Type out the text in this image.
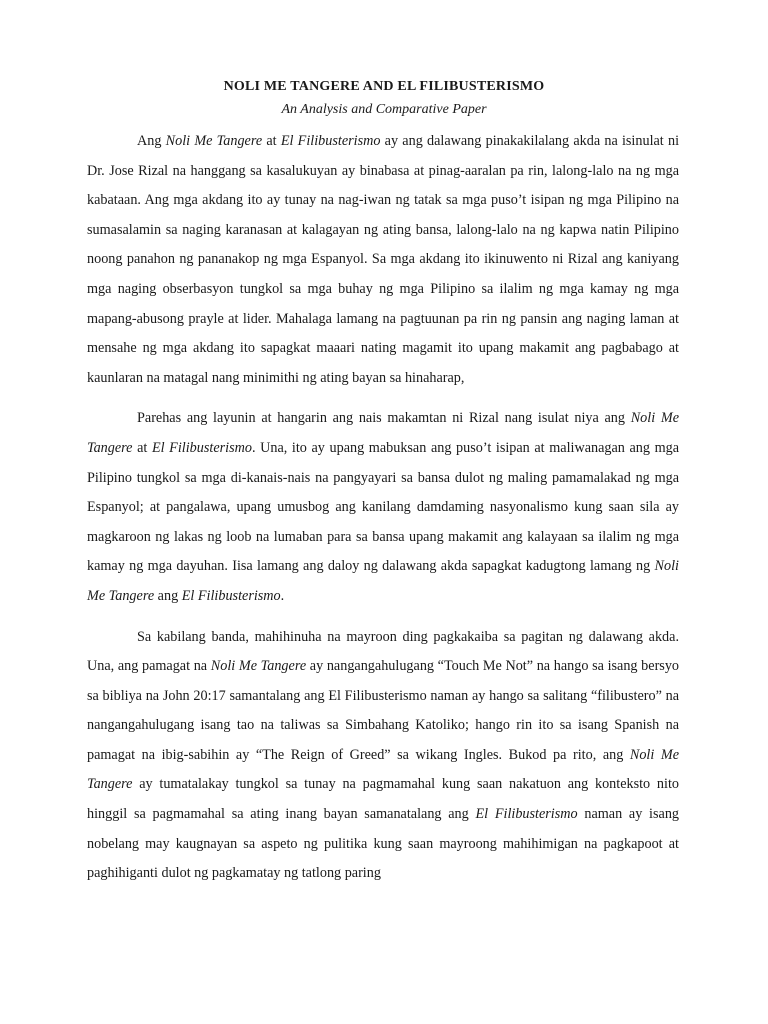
NOLI ME TANGERE AND EL FILIBUSTERISMO
An Analysis and Comparative Paper

Ang Noli Me Tangere at El Filibusterismo ay ang dalawang pinakakilalang akda na isinulat ni Dr. Jose Rizal na hanggang sa kasalukuyan ay binabasa at pinag-aaralan pa rin, lalong-lalo na ng mga kabataan. Ang mga akdang ito ay tunay na nag-iwan ng tatak sa mga puso’t isipan ng mga Pilipino na sumasalamin sa naging karanasan at kalagayan ng ating bansa, lalong-lalo na ng kapwa natin Pilipino noong panahon ng pananakop ng mga Espanyol. Sa mga akdang ito ikinuwento ni Rizal ang kaniyang mga naging obserbasyon tungkol sa mga buhay ng mga Pilipino sa ilalim ng mga kamay ng mga mapang-abusong prayle at lider. Mahalaga lamang na pagtuunan pa rin ng pansin ang naging laman at mensahe ng mga akdang ito sapagkat maaari nating magamit ito upang makamit ang pagbabago at kaunlaran na matagal nang minimithi ng ating bayan sa hinaharap,

Parehas ang layunin at hangarin ang nais makamtan ni Rizal nang isulat niya ang Noli Me Tangere at El Filibusterismo. Una, ito ay upang mabuksan ang puso’t isipan at maliwanagan ang mga Pilipino tungkol sa mga di-kanais-nais na pangyayari sa bansa dulot ng maling pamamalakad ng mga Espanyol; at pangalawa, upang umusbog ang kanilang damdaming nasyonalismo kung saan sila ay magkaroon ng lakas ng loob na lumaban para sa bansa upang makamit ang kalayaan sa ilalim ng mga kamay ng mga dayuhan. Iisa lamang ang daloy ng dalawang akda sapagkat kadugtong lamang ng Noli Me Tangere ang El Filibusterismo.

Sa kabilang banda, mahihinuha na mayroon ding pagkakaiba sa pagitan ng dalawang akda. Una, ang pamagat na Noli Me Tangere ay nangangahulugang “Touch Me Not” na hango sa isang bersyo sa bibliya na John 20:17 samantalang ang El Filibusterismo naman ay hango sa salitang “filibustero” na nangangahulugang isang tao na taliwas sa Simbahang Katoliko; hango rin ito sa isang Spanish na pamagat na ibig-sabihin ay “The Reign of Greed” sa wikang Ingles. Bukod pa rito, ang Noli Me Tangere ay tumatalakay tungkol sa tunay na pagmamahal kung saan nakatuon ang konteksto nito hinggil sa pagmamahal sa ating inang bayan samanatalang ang El Filibusterismo naman ay isang nobelang may kaugnayan sa aspeto ng pulitika kung saan mayroong mahihimigan na pagkapoot at paghihiganti dulot ng pagkamatay ng tatlong paring
